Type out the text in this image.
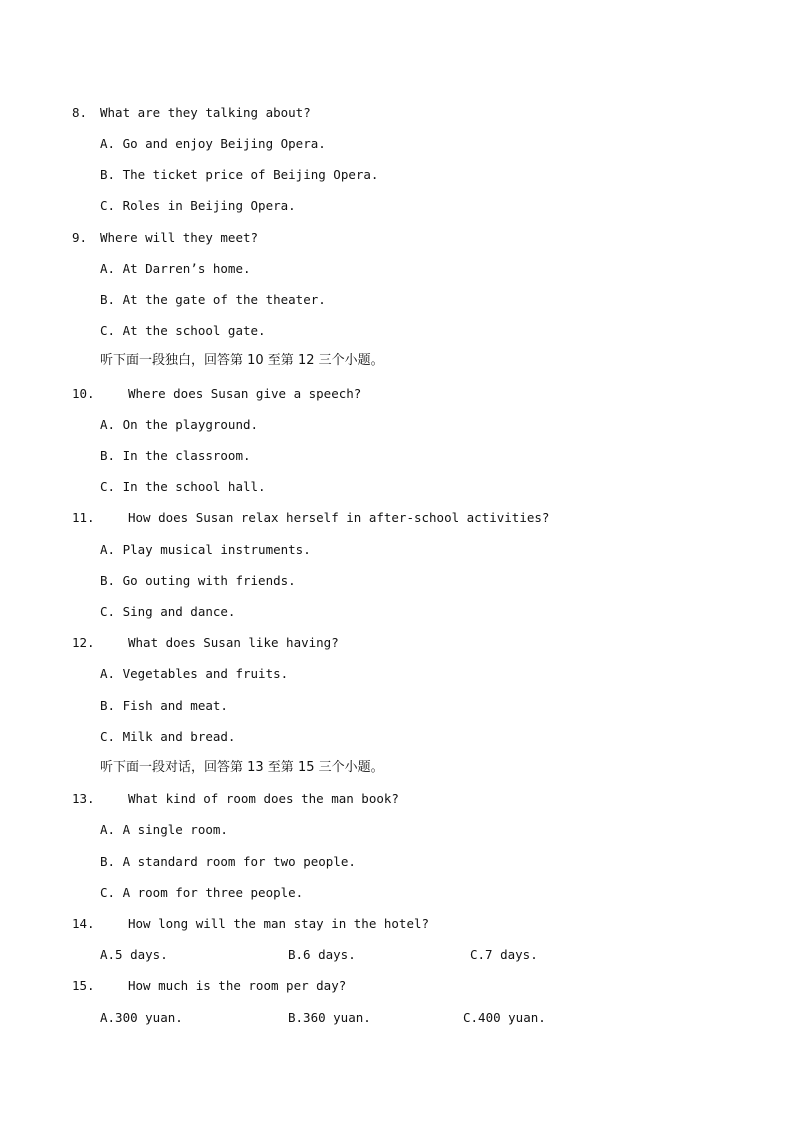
8. What are they talking about?
A. Go and enjoy Beijing Opera.
B. The ticket price of Beijing Opera.
C. Roles in Beijing Opera.
9. Where will they meet?
A. At Darren’s home.
B. At the gate of the theater.
C. At the school gate.
听下面一段独白，回答第 10 至第 12 三个小题。
10.	Where does Susan give a speech?
A. On the playground.
B. In the classroom.
C. In the school hall.
11.	How does Susan relax herself in after-school activities?
A. Play musical instruments.
B. Go outing with friends.
C. Sing and dance.
12.	What does Susan like having?
A. Vegetables and fruits.
B. Fish and meat.
C. Milk and bread.
听下面一段对话，回答第 13 至第 15 三个小题。
13.	What kind of room does the man book?
A. A single room.
B. A standard room for two people.
C. A room for three people.
14.	How long will the man stay in the hotel?
A.5 days.	B.6 days.	C.7 days.
15.	How much is the room per day?
A.300 yuan.	B.360 yuan.	C.400 yuan.
